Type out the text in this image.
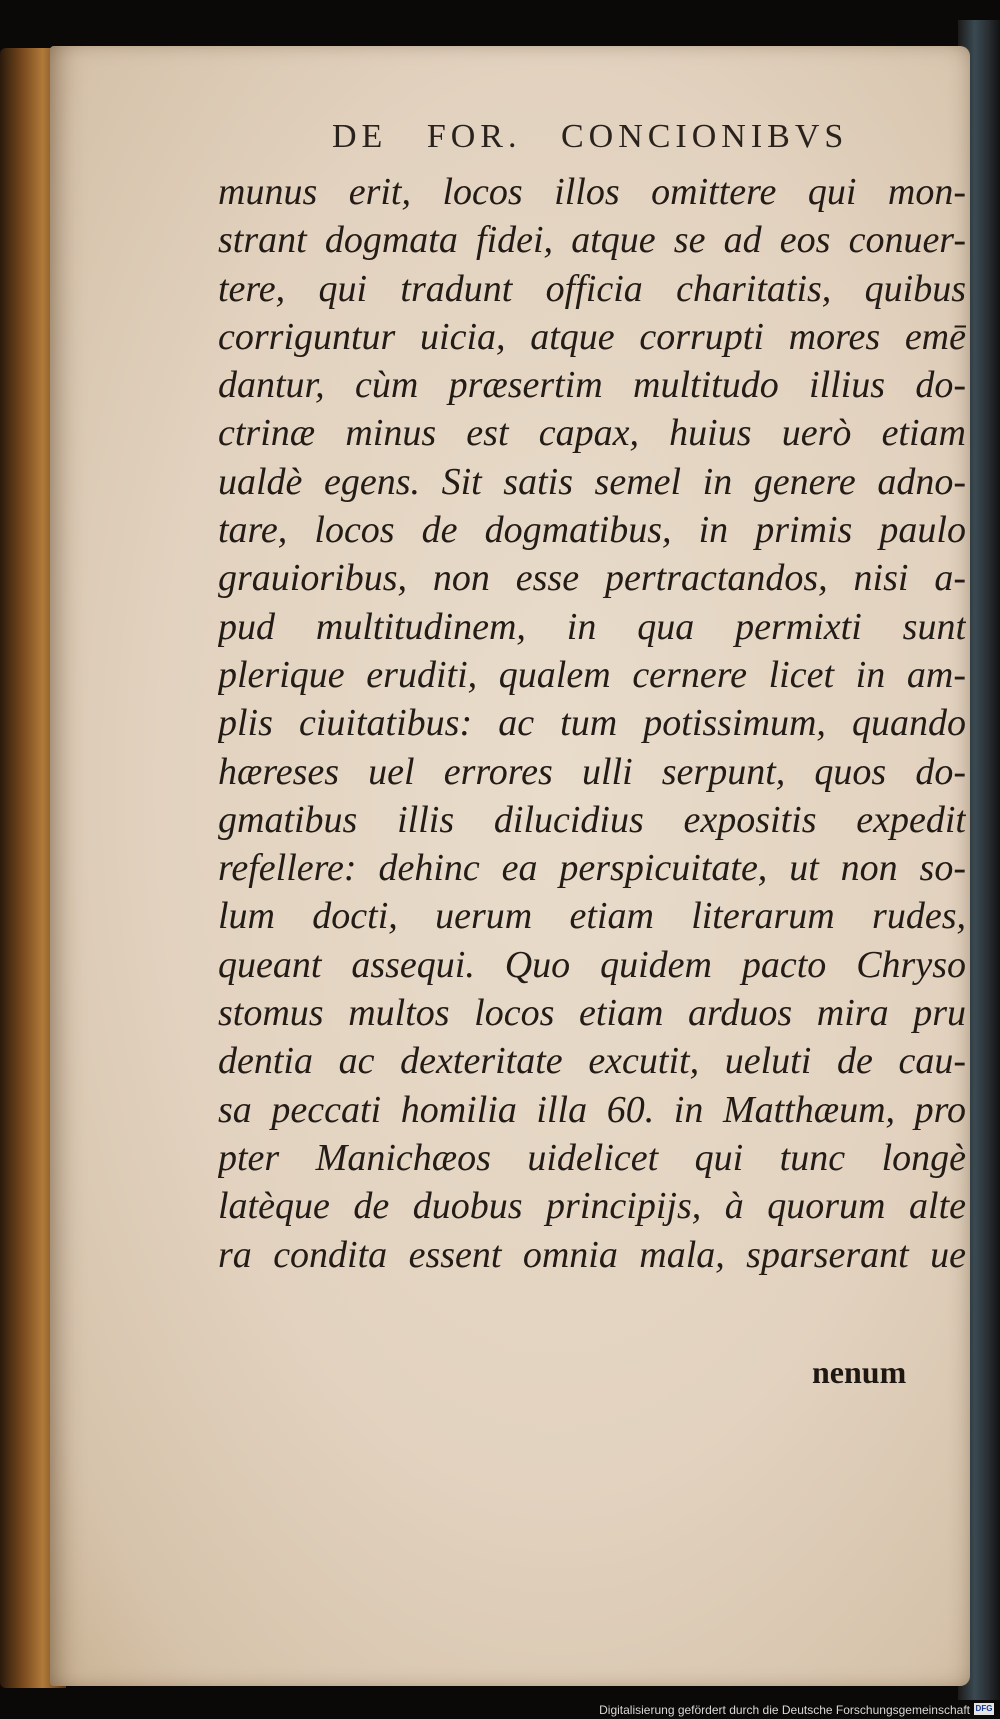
DE FOR. CONCIONIBVS
munus erit, locos illos omittere qui mon-
strant dogmata fidei, atque se ad eos conuer-
tere, qui tradunt officia charitatis, quibus
corriguntur uicia, atque corrupti mores emē
dantur, cùm præsertim multitudo illius do-
ctrinæ minus est capax, huius uerò etiam
ualdè egens. Sit satis semel in genere adno-
tare, locos de dogmatibus, in primis paulo
grauioribus, non esse pertractandos, nisi a-
pud multitudinem, in qua permixti sunt
plerique eruditi, qualem cernere licet in am-
plis ciuitatibus: ac tum potissimum, quando
hæreses uel errores ulli serpunt, quos do-
gmatibus illis dilucidius expositis expedit
refellere: dehinc ea perspicuitate, ut non so-
lum docti, uerum etiam literarum rudes,
queant assequi. Quo quidem pacto Chryso
stomus multos locos etiam arduos mira pru
dentia ac dexteritate excutit, ueluti de cau-
sa peccati homilia illa 60. in Matthæum, pro
pter Manichæos uidelicet qui tunc longè
latèque de duobus principijs, à quorum alte
ra condita essent omnia mala, sparserant ue
nenum
Digitalisierung gefördert durch die Deutsche Forschungsgemeinschaft DFG
